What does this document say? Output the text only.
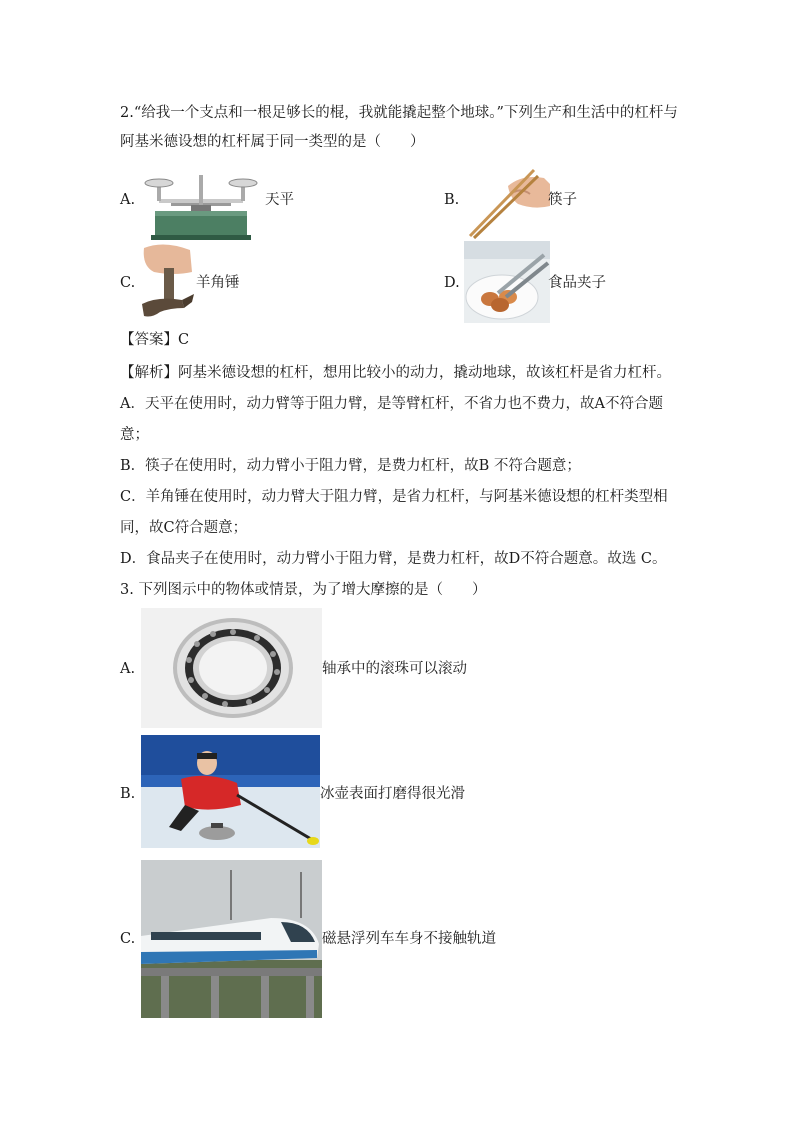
2.“给我一个支点和一根足够长的棍，我就能撬起整个地球。”下列生产和生活中的杠杆与
阿基米德设想的杠杆属于同一类型的是（　　）
A.	天平	B.	筷子
C.	羊角锤	D.	食品夹子
【答案】C
【解析】阿基米德设想的杠杆，想用比较小的动力，撬动地球，故该杠杆是省力杠杆。
A．天平在使用时，动力臂等于阻力臂，是等臂杠杆，不省力也不费力，故A不符合题
意；
B．筷子在使用时，动力臂小于阻力臂，是费力杠杆，故B 不符合题意；
C．羊角锤在使用时，动力臂大于阻力臂，是省力杠杆，与阿基米德设想的杠杆类型相
同，故C符合题意；
D．食品夹子在使用时，动力臂小于阻力臂，是费力杠杆，故D不符合题意。故选 C。
3. 下列图示中的物体或情景，为了增大摩擦的是（　　）
A.	轴承中的滚珠可以滚动
B.	冰壶表面打磨得很光滑
C.	磁悬浮列车车身不接触轨道
